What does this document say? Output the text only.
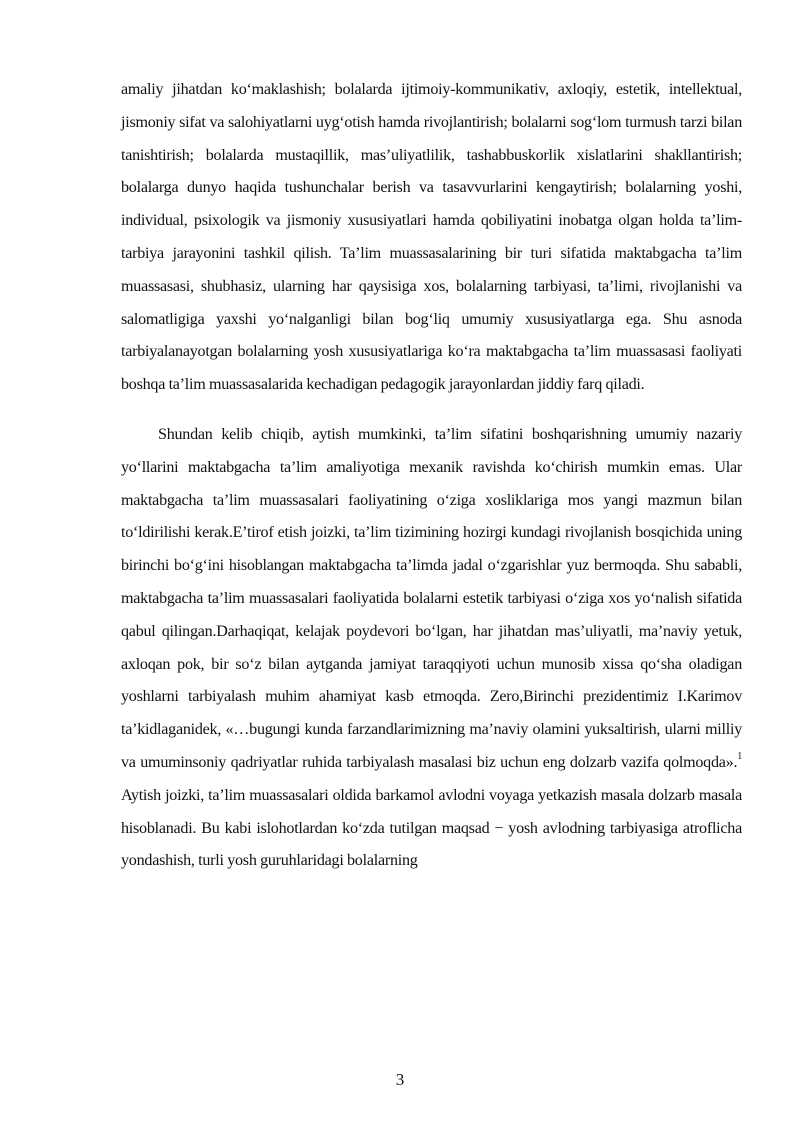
amaliy jihatdan ko‘maklashish; bolalarda ijtimoiy-kommunikativ, axloqiy, estetik, intellektual, jismoniy sifat va salohiyatlarni uyg‘otish hamda rivojlantirish; bolalarni sog‘lom turmush tarzi bilan tanishtirish; bolalarda mustaqillik, mas’uliyatlilik, tashabbuskorlik xislatlarini shakllantirish; bolalarga dunyo haqida tushunchalar berish va tasavvurlarini kengaytirish; bolalarning yoshi, individual, psixologik va jismoniy xususiyatlari hamda qobiliyatini inobatga olgan holda ta’lim-tarbiya jarayonini tashkil qilish. Ta’lim muassasalarining bir turi sifatida maktabgacha ta’lim muassasasi, shubhasiz, ularning har qaysisiga xos, bolalarning tarbiyasi, ta’limi, rivojlanishi va salomatligiga yaxshi yo‘nalganligi bilan bog‘liq umumiy xususiyatlarga ega. Shu asnoda tarbiyalanayotgan bolalarning yosh xususiyatlariga ko‘ra maktabgacha ta’lim muassasasi faoliyati boshqa ta’lim muassasalarida kechadigan pedagogik jarayonlardan jiddiy farq qiladi.

Shundan kelib chiqib, aytish mumkinki, ta’lim sifatini boshqarishning umumiy nazariy yo‘llarini maktabgacha ta’lim amaliyotiga mexanik ravishda ko‘chirish mumkin emas. Ular maktabgacha ta’lim muassasalari faoliyatining o‘ziga xosliklariga mos yangi mazmun bilan to‘ldirilishi kerak.E’tirof etish joizki, ta’lim tizimining hozirgi kundagi rivojlanish bosqichida uning birinchi bo‘g‘ini hisoblangan maktabgacha ta’limda jadal o‘zgarishlar yuz bermoqda. Shu sababli, maktabgacha ta’lim muassasalari faoliyatida bolalarni estetik tarbiyasi o‘ziga xos yo‘nalish sifatida qabul qilingan.Darhaqiqat, kelajak poydevori bo‘lgan, har jihatdan mas’uliyatli, ma’naviy yetuk, axloqan pok, bir so‘z bilan aytganda jamiyat taraqqiyoti uchun munosib xissa qo‘sha oladigan yoshlarni tarbiyalash muhim ahamiyat kasb etmoqda. Zero,Birinchi prezidentimiz I.Karimov ta’kidlaganidek, «…bugungi kunda farzandlarimizning ma’naviy olamini yuksaltirish, ularni milliy va umuminsoniy qadriyatlar ruhida tarbiyalash masalasi biz uchun eng dolzarb vazifa qolmoqda».$^1$ Aytish joizki, ta’lim muassasalari oldida barkamol avlodni voyaga yetkazish masala dolzarb masala hisoblanadi. Bu kabi islohotlardan ko‘zda tutilgan maqsad − yosh avlodning tarbiyasiga atroflicha yondashish, turli yosh guruhlaridagi bolalarning

3
